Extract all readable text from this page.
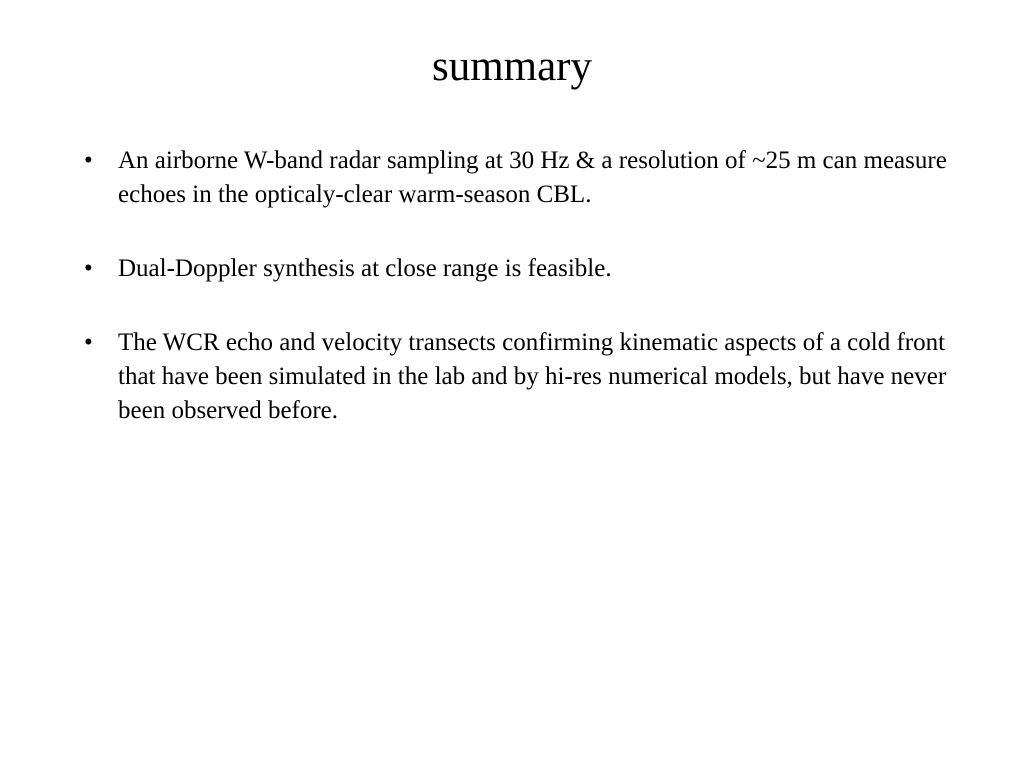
summary
•	An airborne W-band radar sampling at 30 Hz & a resolution of ~25 m can measure echoes in the opticaly-clear warm-season CBL.
•	Dual-Doppler synthesis at close range is feasible.
•	The WCR echo and velocity transects confirming kinematic aspects of a cold front that have been simulated in the lab and by hi-res numerical models, but have never been observed before.
